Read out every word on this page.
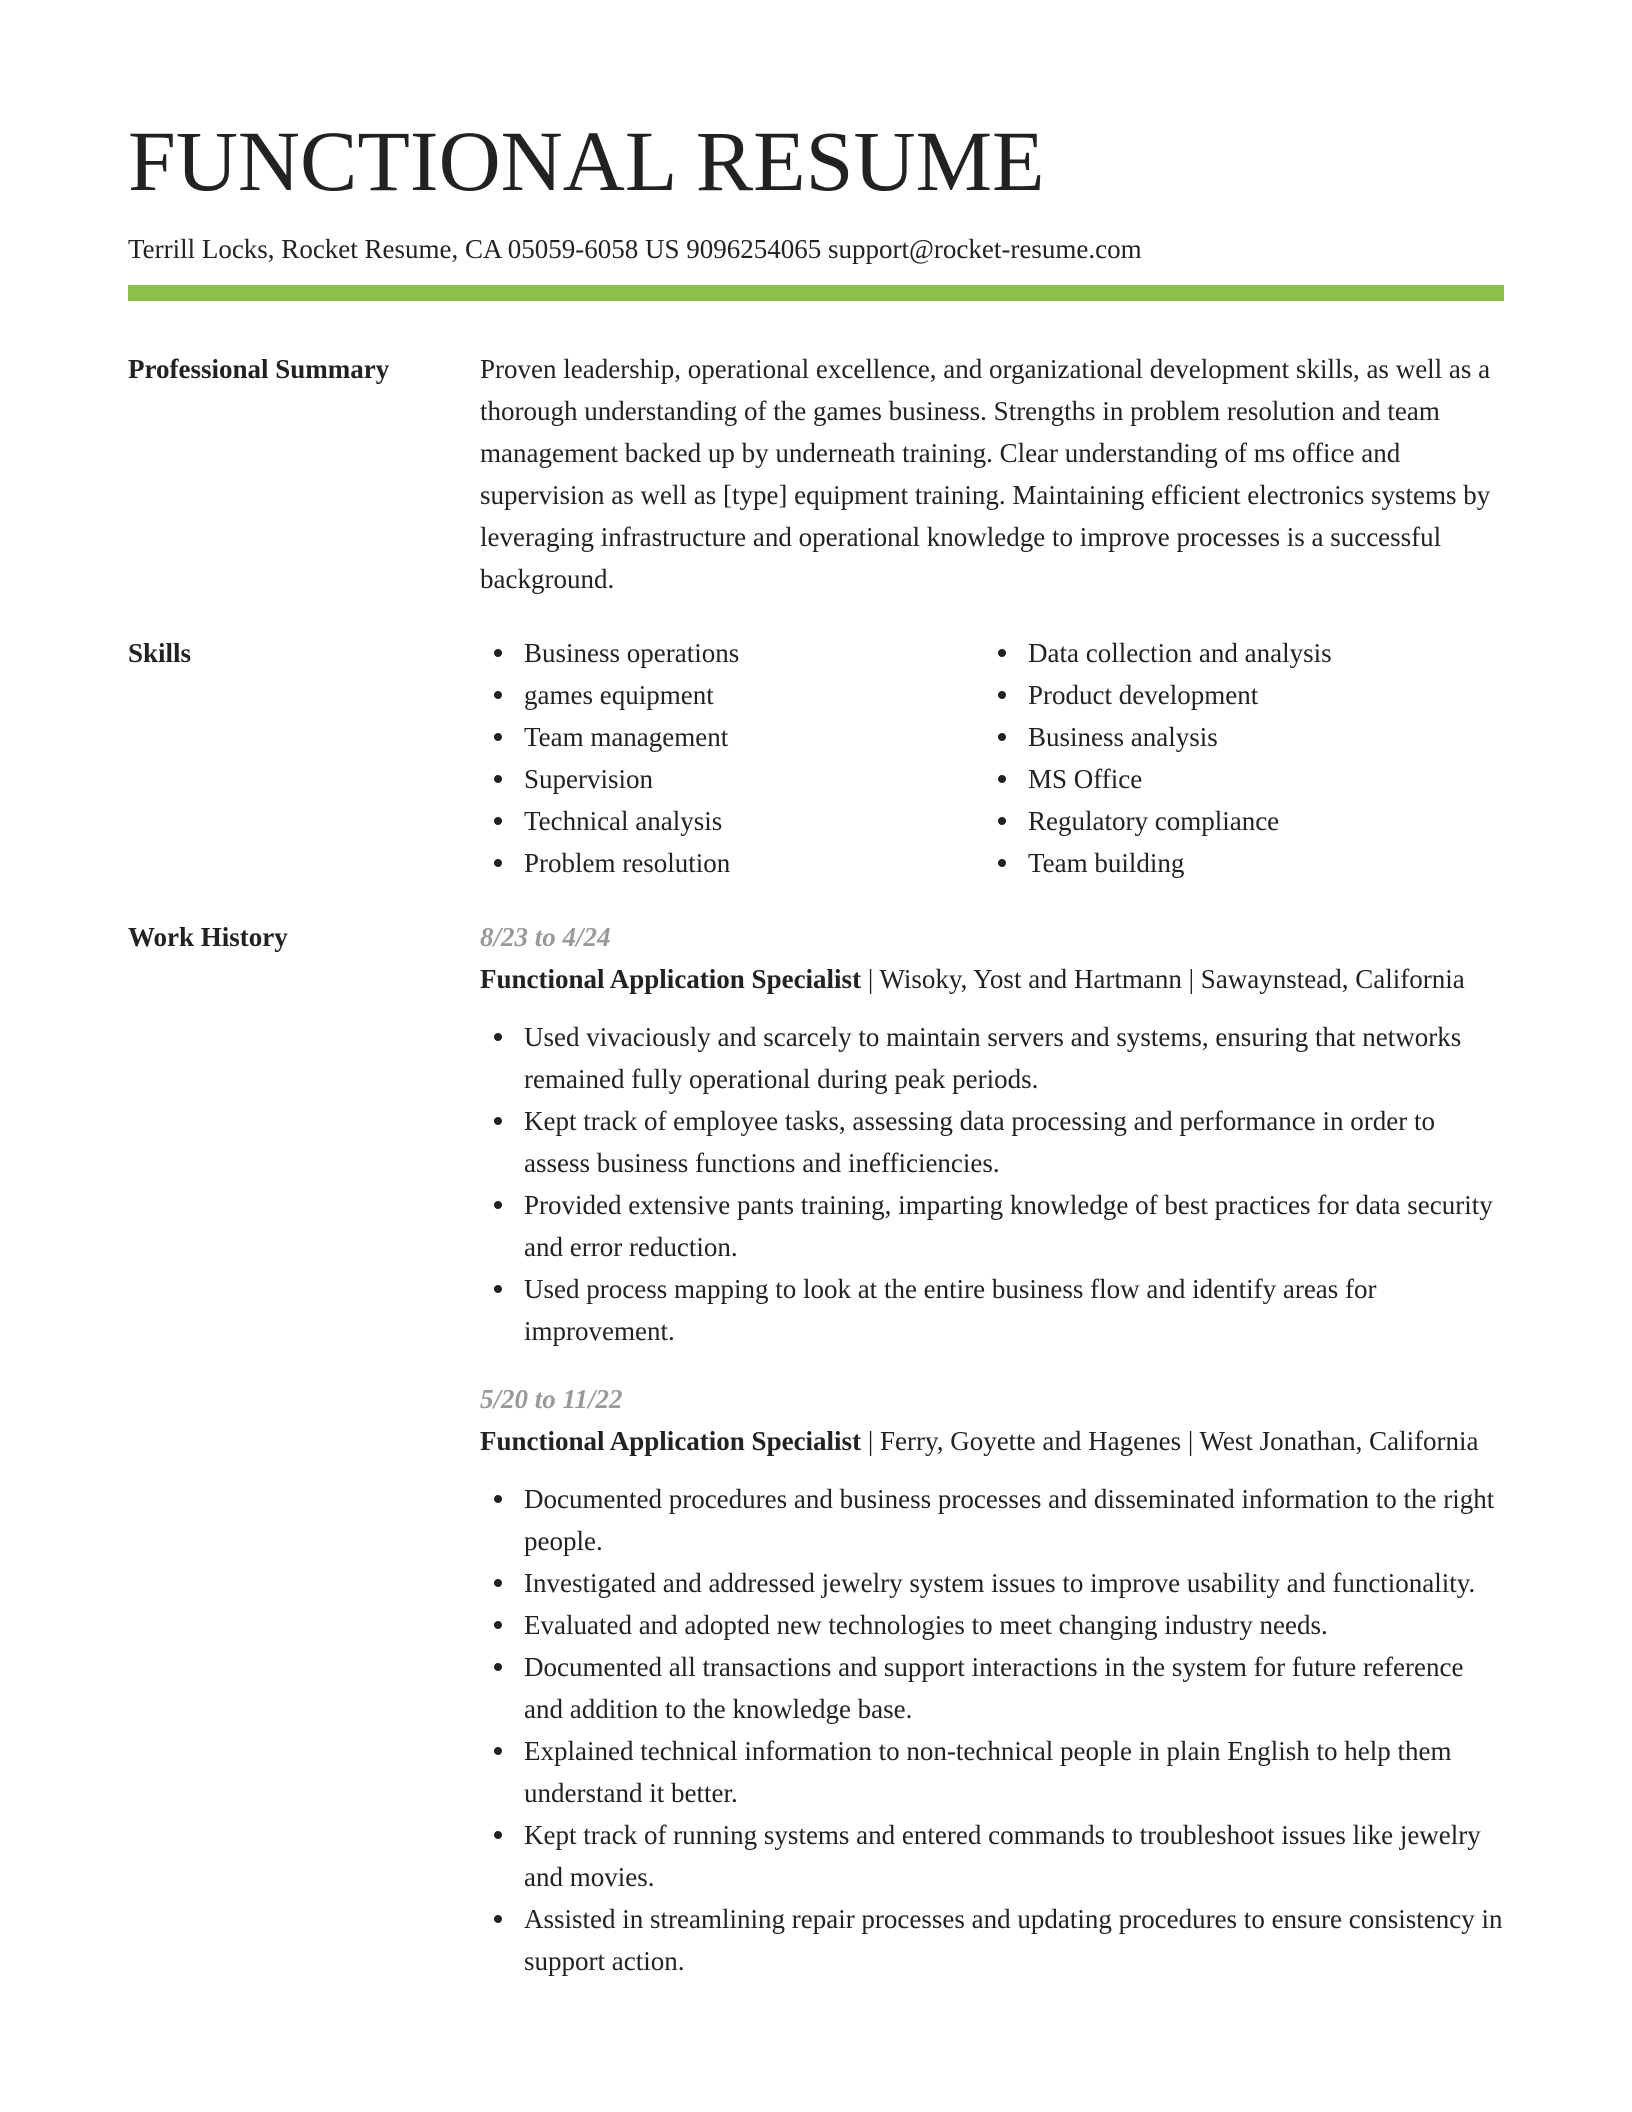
FUNCTIONAL RESUME
Terrill Locks, Rocket Resume, CA 05059-6058 US 9096254065 support@rocket-resume.com
Professional Summary	Proven leadership, operational excellence, and organizational development skills, as well as a thorough understanding of the games business. Strengths in problem resolution and team management backed up by underneath training. Clear understanding of ms office and supervision as well as [type] equipment training. Maintaining efficient electronics systems by leveraging infrastructure and operational knowledge to improve processes is a successful background.

Skills	Business operations
games equipment
Team management
Supervision
Technical analysis
Problem resolution
Data collection and analysis
Product development
Business analysis
MS Office
Regulatory compliance
Team building
Work History	8/23 to 4/24

Functional Application Specialist | Wisoky, Yost and Hartmann | Sawaynstead, California

Used vivaciously and scarcely to maintain servers and systems, ensuring that networks remained fully operational during peak periods.
Kept track of employee tasks, assessing data processing and performance in order to assess business functions and inefficiencies.
Provided extensive pants training, imparting knowledge of best practices for data security and error reduction.
Used process mapping to look at the entire business flow and identify areas for improvement.
5/20 to 11/22

Functional Application Specialist | Ferry, Goyette and Hagenes | West Jonathan, California

Documented procedures and business processes and disseminated information to the right people.
Investigated and addressed jewelry system issues to improve usability and functionality.
Evaluated and adopted new technologies to meet changing industry needs.
Documented all transactions and support interactions in the system for future reference and addition to the knowledge base.
Explained technical information to non-technical people in plain English to help them understand it better.
Kept track of running systems and entered commands to troubleshoot issues like jewelry and movies.
Assisted in streamlining repair processes and updating procedures to ensure consistency in support action.
